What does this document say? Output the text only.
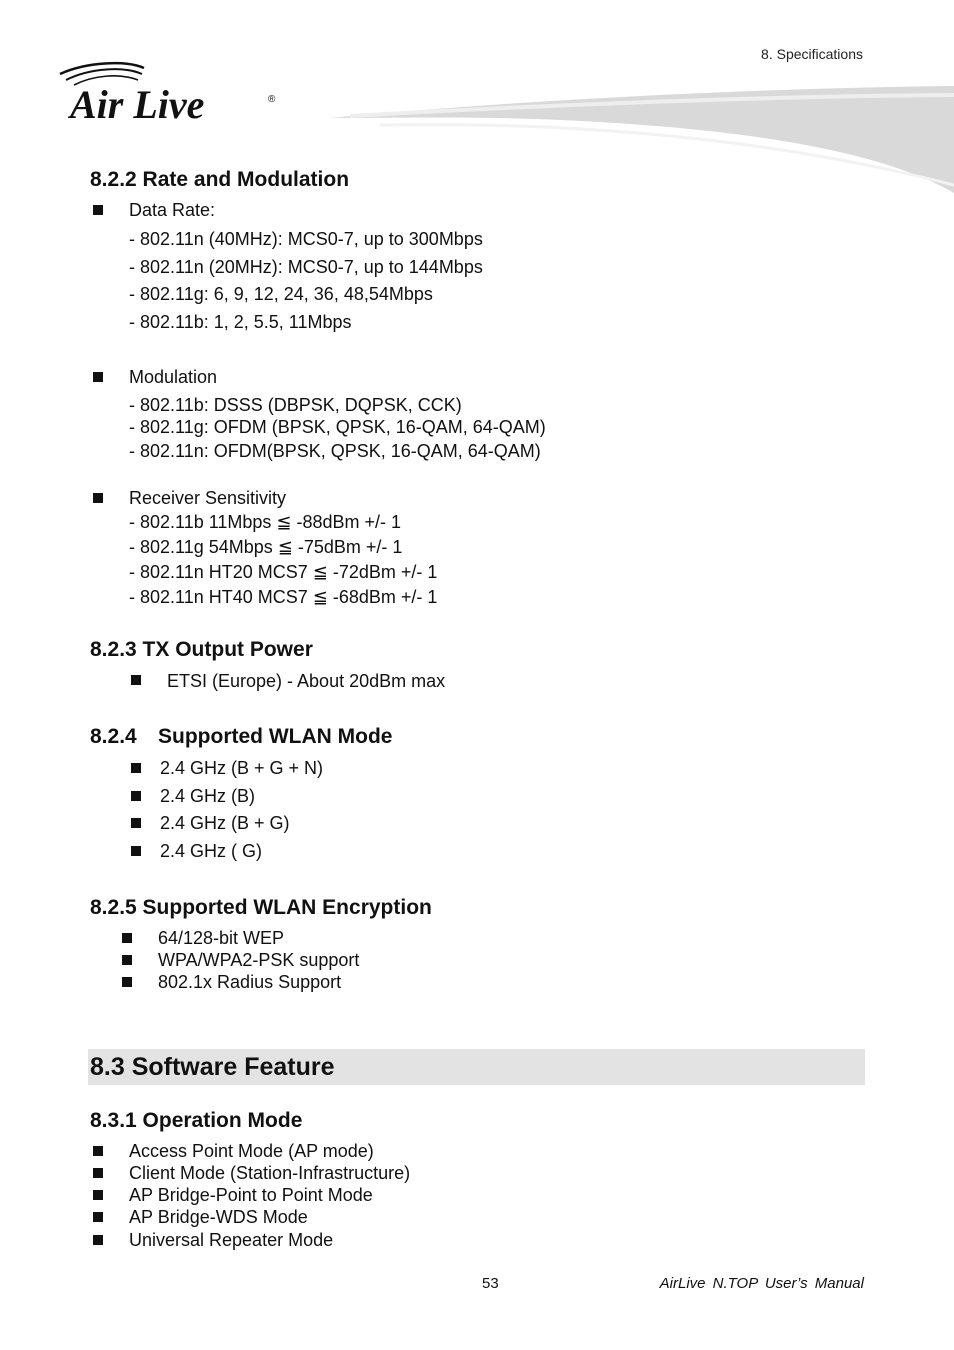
8. Specifications
Air Live	®
8.2.2 Rate and Modulation
Data Rate:
- 802.11n (40MHz): MCS0-7, up to 300Mbps
- 802.11n (20MHz): MCS0-7, up to 144Mbps
- 802.11g: 6, 9, 12, 24, 36, 48,54Mbps
- 802.11b: 1, 2, 5.5, 11Mbps
Modulation
- 802.11b: DSSS (DBPSK, DQPSK, CCK)
- 802.11g: OFDM (BPSK, QPSK, 16-QAM, 64-QAM)
- 802.11n: OFDM(BPSK, QPSK, 16-QAM, 64-QAM)
Receiver Sensitivity
- 802.11b 11Mbps ≦ -88dBm +/- 1
- 802.11g 54Mbps ≦ -75dBm +/- 1
- 802.11n HT20 MCS7 ≦ -72dBm +/- 1
- 802.11n HT40 MCS7 ≦ -68dBm +/- 1
8.2.3 TX Output Power
ETSI (Europe) - About 20dBm max
8.2.4 Supported WLAN Mode
2.4 GHz (B + G + N)
2.4 GHz (B)
2.4 GHz (B + G)
2.4 GHz ( G)
8.2.5 Supported WLAN Encryption
64/128-bit WEP
WPA/WPA2-PSK support
802.1x Radius Support
8.3 Software Feature
8.3.1 Operation Mode
Access Point Mode (AP mode)
Client Mode (Station-Infrastructure)
AP Bridge-Point to Point Mode
AP Bridge-WDS Mode
Universal Repeater Mode
53	AirLive N.TOP User’s Manual
